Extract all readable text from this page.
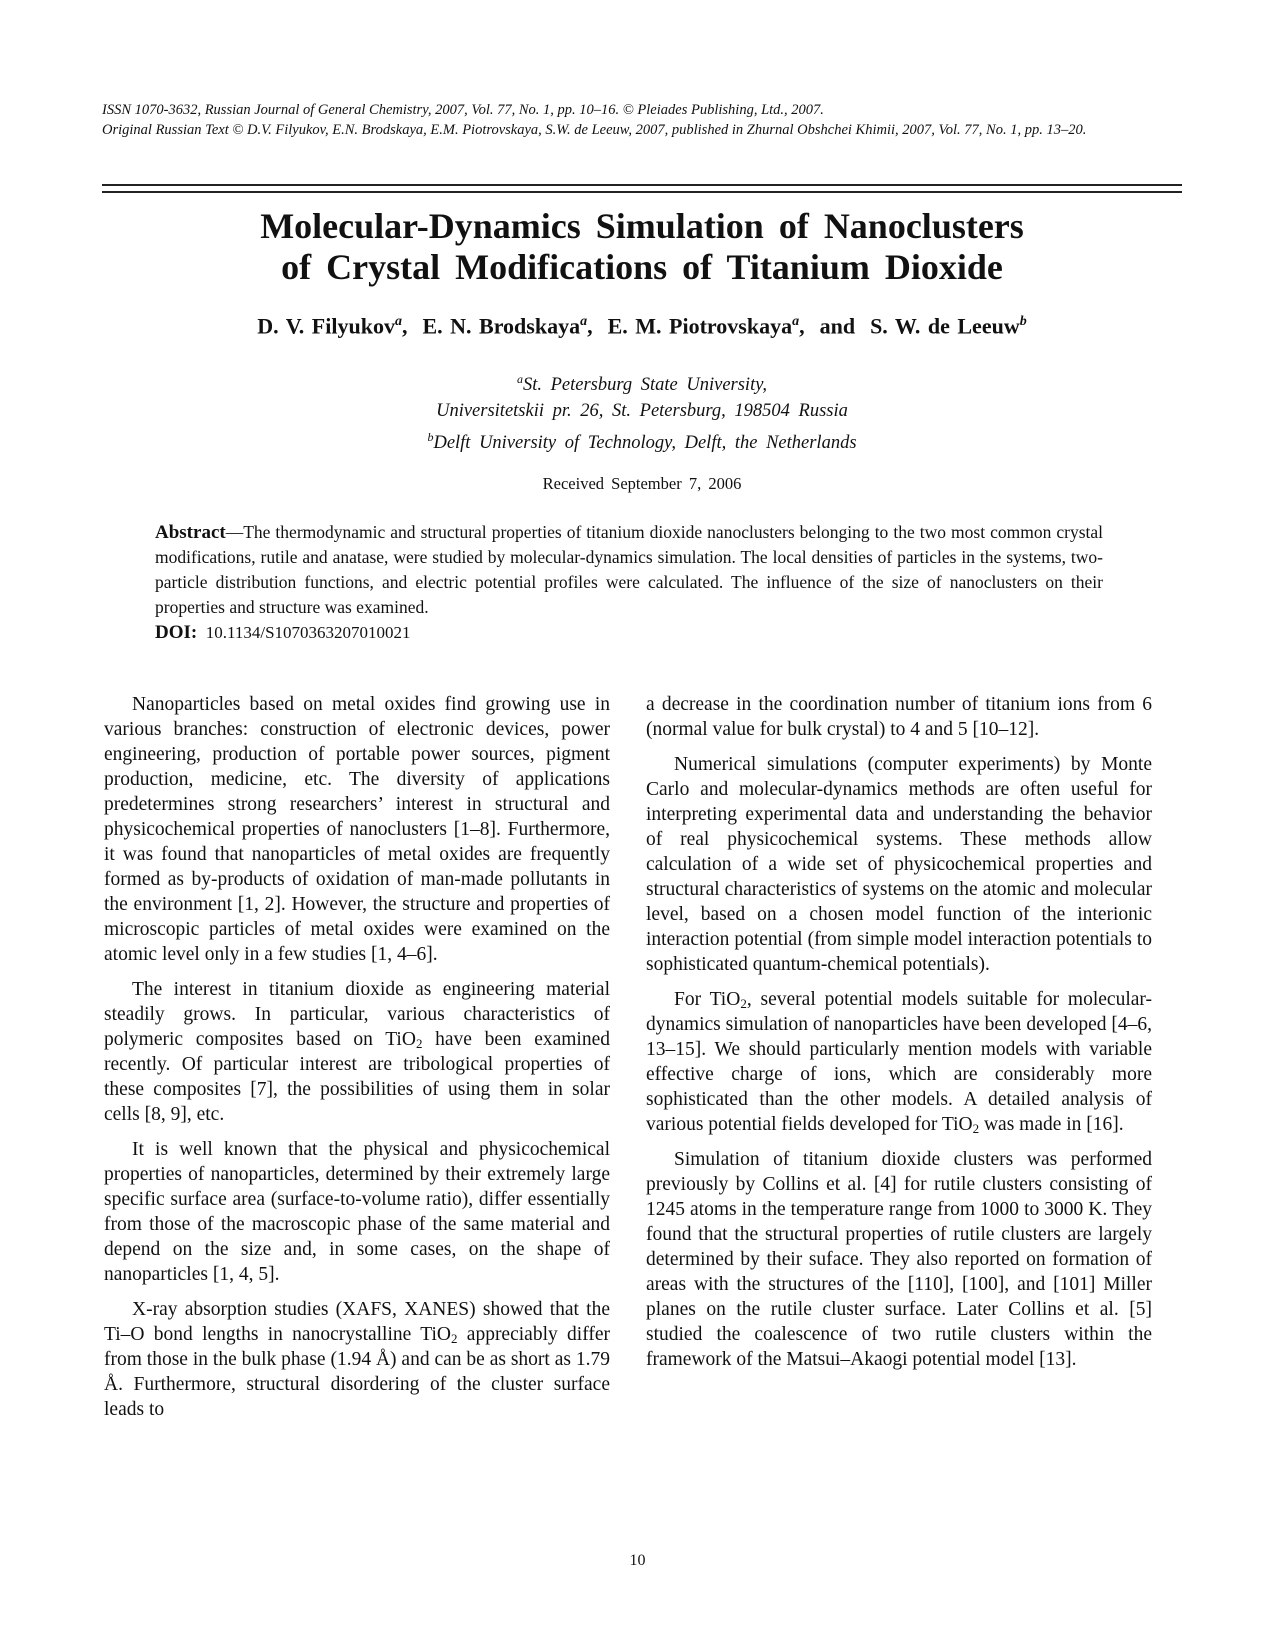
ISSN 1070-3632, Russian Journal of General Chemistry, 2007, Vol. 77, No. 1, pp. 10–16. © Pleiades Publishing, Ltd., 2007.
Original Russian Text © D.V. Filyukov, E.N. Brodskaya, E.M. Piotrovskaya, S.W. de Leeuw, 2007, published in Zhurnal Obshchei Khimii, 2007, Vol. 77, No. 1, pp. 13–20.
Molecular-Dynamics Simulation of Nanoclusters
of Crystal Modifications of Titanium Dioxide
D. V. Filyukov$^a$,  E. N. Brodskaya$^a$,  E. M. Piotrovskaya$^a$,  and S. W. de Leeuw$^b$
$^a$St. Petersburg State University,
Universitetskii pr. 26, St. Petersburg, 198504 Russia
$^b$Delft University of Technology, Delft, the Netherlands
Received September 7, 2006
Abstract—The thermodynamic and structural properties of titanium dioxide nanoclusters belonging to the two most common crystal modifications, rutile and anatase, were studied by molecular-dynamics simulation. The local densities of particles in the systems, two-particle distribution functions, and electric potential profiles were calculated. The influence of the size of nanoclusters on their properties and structure was examined.
DOI: 10.1134/S1070363207010021

Nanoparticles based on metal oxides find growing use in various branches: construction of electronic devices, power engineering, production of portable power sources, pigment production, medicine, etc. The diversity of applications predetermines strong researchers’ interest in structural and physicochemical properties of nanoclusters [1–8]. Furthermore, it was found that nanoparticles of metal oxides are frequently formed as by-products of oxidation of man-made pollutants in the environment [1, 2]. However, the structure and properties of microscopic particles of metal oxides were examined on the atomic level only in a few studies [1, 4–6].

The interest in titanium dioxide as engineering material steadily grows. In particular, various characteristics of polymeric composites based on TiO$_2$ have been examined recently. Of particular interest are tribological properties of these composites [7], the possibilities of using them in solar cells [8, 9], etc.

It is well known that the physical and physicochemical properties of nanoparticles, determined by their extremely large specific surface area (surface-to-volume ratio), differ essentially from those of the macroscopic phase of the same material and depend on the size and, in some cases, on the shape of nanoparticles [1, 4, 5].

X-ray absorption studies (XAFS, XANES) showed that the Ti–O bond lengths in nanocrystalline TiO$_2$ appreciably differ from those in the bulk phase (1.94 Å) and can be as short as 1.79 Å. Furthermore, structural disordering of the cluster surface leads to

a decrease in the coordination number of titanium ions from 6 (normal value for bulk crystal) to 4 and 5 [10–12].

Numerical simulations (computer experiments) by Monte Carlo and molecular-dynamics methods are often useful for interpreting experimental data and understanding the behavior of real physicochemical systems. These methods allow calculation of a wide set of physicochemical properties and structural characteristics of systems on the atomic and molecular level, based on a chosen model function of the interionic interaction potential (from simple model interaction potentials to sophisticated quantum-chemical potentials).

For TiO$_2$, several potential models suitable for molecular-dynamics simulation of nanoparticles have been developed [4–6, 13–15]. We should particularly mention models with variable effective charge of ions, which are considerably more sophisticated than the other models. A detailed analysis of various potential fields developed for TiO$_2$ was made in [16].

Simulation of titanium dioxide clusters was performed previously by Collins et al. [4] for rutile clusters consisting of 1245 atoms in the temperature range from 1000 to 3000 K. They found that the structural properties of rutile clusters are largely determined by their suface. They also reported on formation of areas with the structures of the [110], [100], and [101] Miller planes on the rutile cluster surface. Later Collins et al. [5] studied the coalescence of two rutile clusters within the framework of the Matsui–Akaogi potential model [13].

10
